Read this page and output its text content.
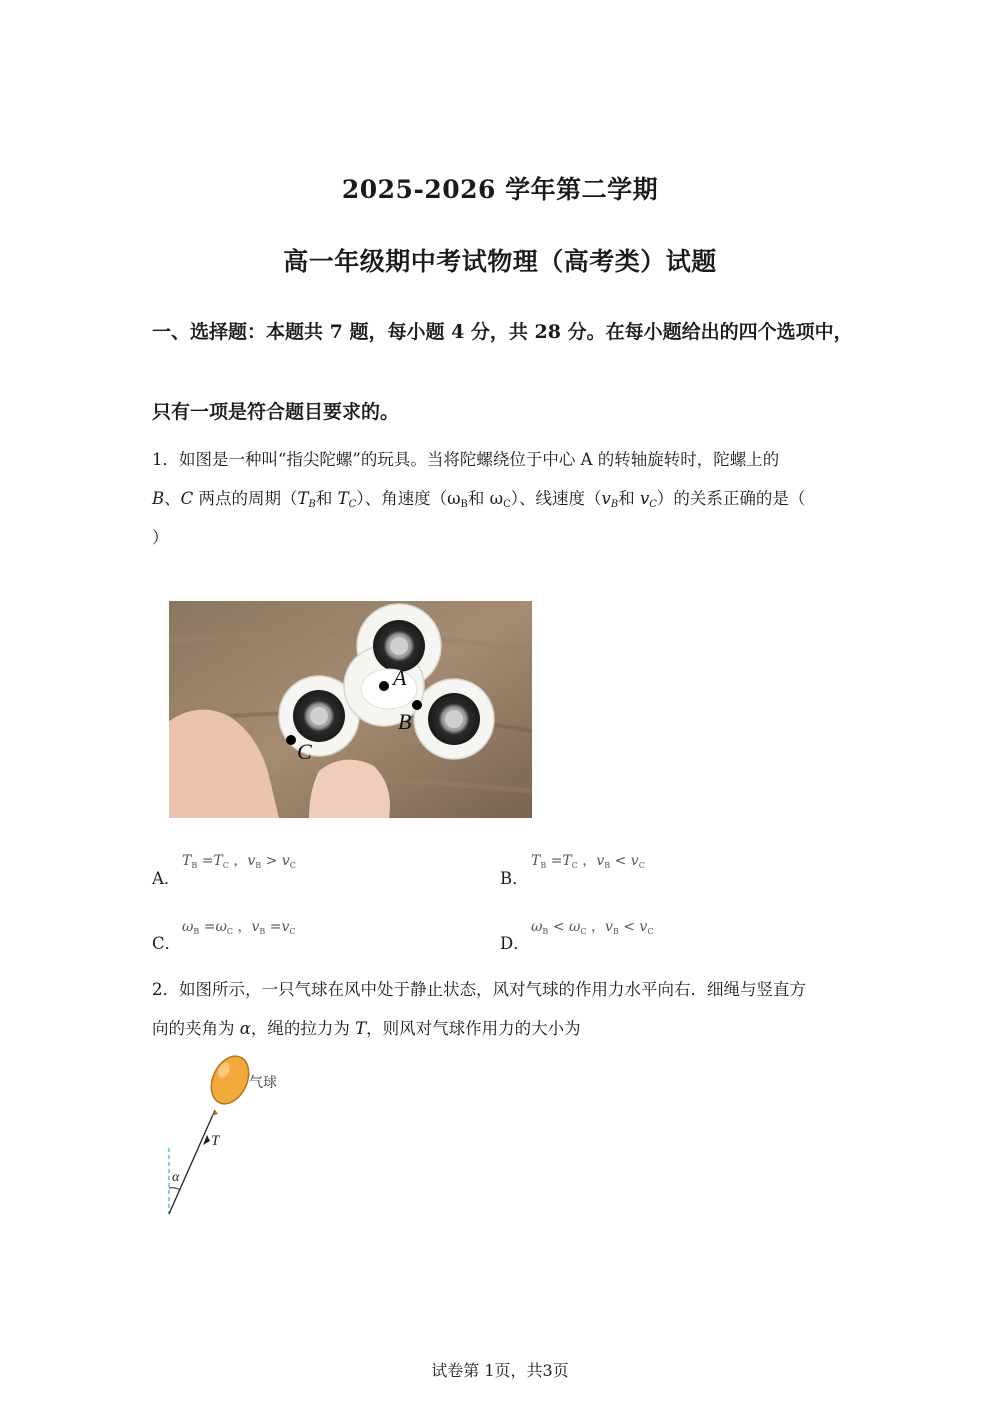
2025-2026 学年第二学期
高一年级期中考试物理（高考类）试题
一、选择题：本题共 7 题，每小题 4 分，共 28 分。在每小题给出的四个选项中，
只有一项是符合题目要求的。
1．如图是一种叫“指尖陀螺”的玩具。当将陀螺绕位于中心 A 的转轴旋转时，陀螺上的
B、C 两点的周期（$T_B$和 $T_C$）、角速度（$\omega_B$和 $\omega_C$）、线速度（$v_B$和 $v_C$）的关系正确的是（
）
A
B
C
A．
$T_B =T_C$ ，$v_B > v_C$
B．
$T_B =T_C$ ，$v_B < v_C$
C．
$\omega_B =\omega_C$ ，$v_B =v_C$
D．
$\omega_B < \omega_C$ ，$v_B < v_C$
2．如图所示，一只气球在风中处于静止状态，风对气球的作用力水平向右．细绳与竖直方
向的夹角为 α，绳的拉力为 T，则风对气球作用力的大小为
气球
T
α
试卷第 1页，共3页
